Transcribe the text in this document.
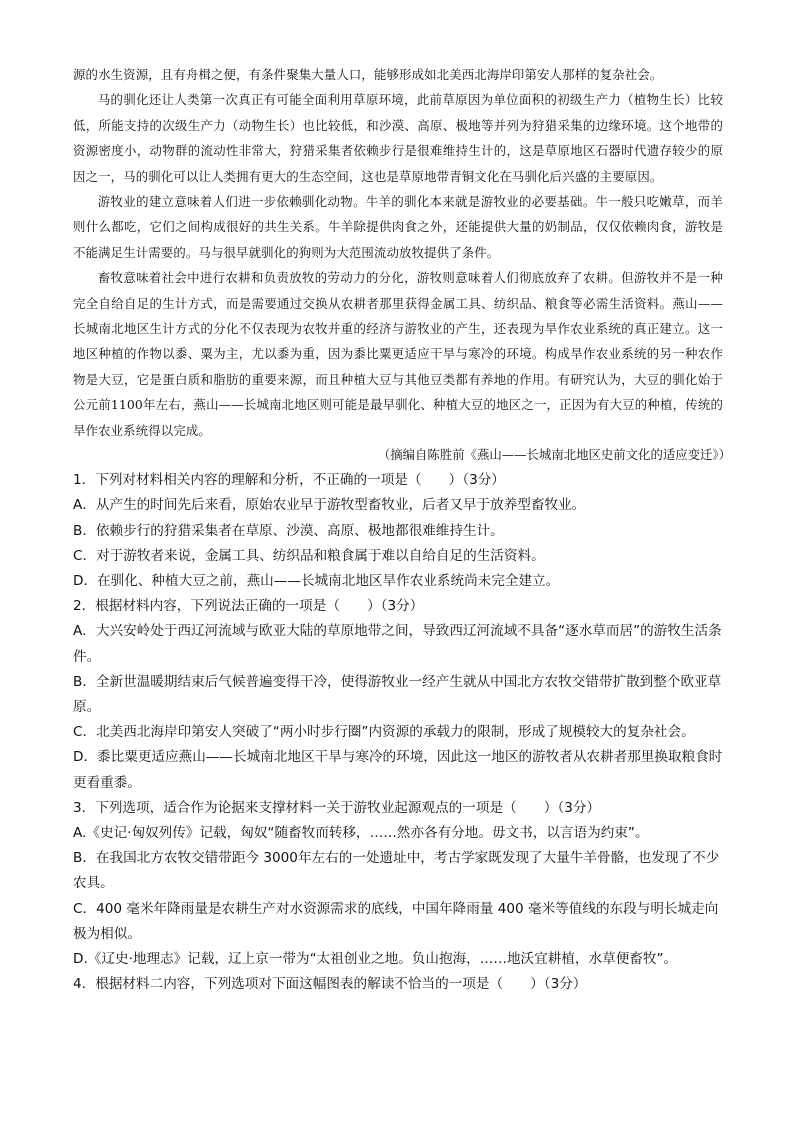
源的水生资源，且有舟楫之便，有条件聚集大量人口，能够形成如北美西北海岸印第安人那样的复杂社会。

马的驯化还让人类第一次真正有可能全面利用草原环境，此前草原因为单位面积的初级生产力（植物生长）比较低，所能支持的次级生产力（动物生长）也比较低，和沙漠、高原、极地等并列为狩猎采集的边缘环境。这个地带的资源密度小，动物群的流动性非常大，狩猎采集者依赖步行是很难维持生计的，这是草原地区石器时代遗存较少的原因之一，马的驯化可以让人类拥有更大的生态空间，这也是草原地带青铜文化在马驯化后兴盛的主要原因。

游牧业的建立意味着人们进一步依赖驯化动物。牛羊的驯化本来就是游牧业的必要基础。牛一般只吃嫩草，而羊则什么都吃，它们之间构成很好的共生关系。牛羊除提供肉食之外，还能提供大量的奶制品，仅仅依赖肉食，游牧是不能满足生计需要的。马与很早就驯化的狗则为大范围流动放牧提供了条件。

畜牧意味着社会中进行农耕和负责放牧的劳动力的分化，游牧则意味着人们彻底放弃了农耕。但游牧并不是一种完全自给自足的生计方式，而是需要通过交换从农耕者那里获得金属工具、纺织品、粮食等必需生活资料。燕山——长城南北地区生计方式的分化不仅表现为农牧并重的经济与游牧业的产生，还表现为旱作农业系统的真正建立。这一地区种植的作物以黍、粟为主，尤以黍为重，因为黍比粟更适应干旱与寒冷的环境。构成旱作农业系统的另一种农作物是大豆，它是蛋白质和脂肪的重要来源，而且种植大豆与其他豆类都有养地的作用。有研究认为，大豆的驯化始于公元前1100年左右，燕山——长城南北地区则可能是最早驯化、种植大豆的地区之一，正因为有大豆的种植，传统的旱作农业系统得以完成。

（摘编自陈胜前《燕山——长城南北地区史前文化的适应变迁》）

1．下列对材料相关内容的理解和分析，不正确的一项是（　　）（3分）

A．从产生的时间先后来看，原始农业早于游牧型畜牧业，后者又早于放养型畜牧业。

B．依赖步行的狩猎采集者在草原、沙漠、高原、极地都很难维持生计。

C．对于游牧者来说，金属工具、纺织品和粮食属于难以自给自足的生活资料。

D．在驯化、种植大豆之前，燕山——长城南北地区旱作农业系统尚未完全建立。

2．根据材料内容，下列说法正确的一项是（　　）（3分）

A．大兴安岭处于西辽河流域与欧亚大陆的草原地带之间，导致西辽河流域不具备“逐水草而居”的游牧生活条件。

B．全新世温暖期结束后气候普遍变得干冷，使得游牧业一经产生就从中国北方农牧交错带扩散到整个欧亚草原。

C．北美西北海岸印第安人突破了“两小时步行圈”内资源的承载力的限制，形成了规模较大的复杂社会。

D．黍比粟更适应燕山——长城南北地区干旱与寒冷的环境，因此这一地区的游牧者从农耕者那里换取粮食时更看重黍。

3．下列选项，适合作为论据来支撑材料一关于游牧业起源观点的一项是（　　）（3分）

A.《史记·匈奴列传》记载，匈奴“随畜牧而转移，……然亦各有分地。毋文书，以言语为约束”。

B．在我国北方农牧交错带距今 3000年左右的一处遗址中，考古学家既发现了大量牛羊骨骼，也发现了不少农具。

C．400 毫米年降雨量是农耕生产对水资源需求的底线，中国年降雨量 400 毫米等值线的东段与明长城走向极为相似。

D.《辽史·地理志》记载，辽上京一带为“太祖创业之地。负山抱海，……地沃宜耕植，水草便畜牧”。

4．根据材料二内容，下列选项对下面这幅图表的解读不恰当的一项是（　　）（3分）
